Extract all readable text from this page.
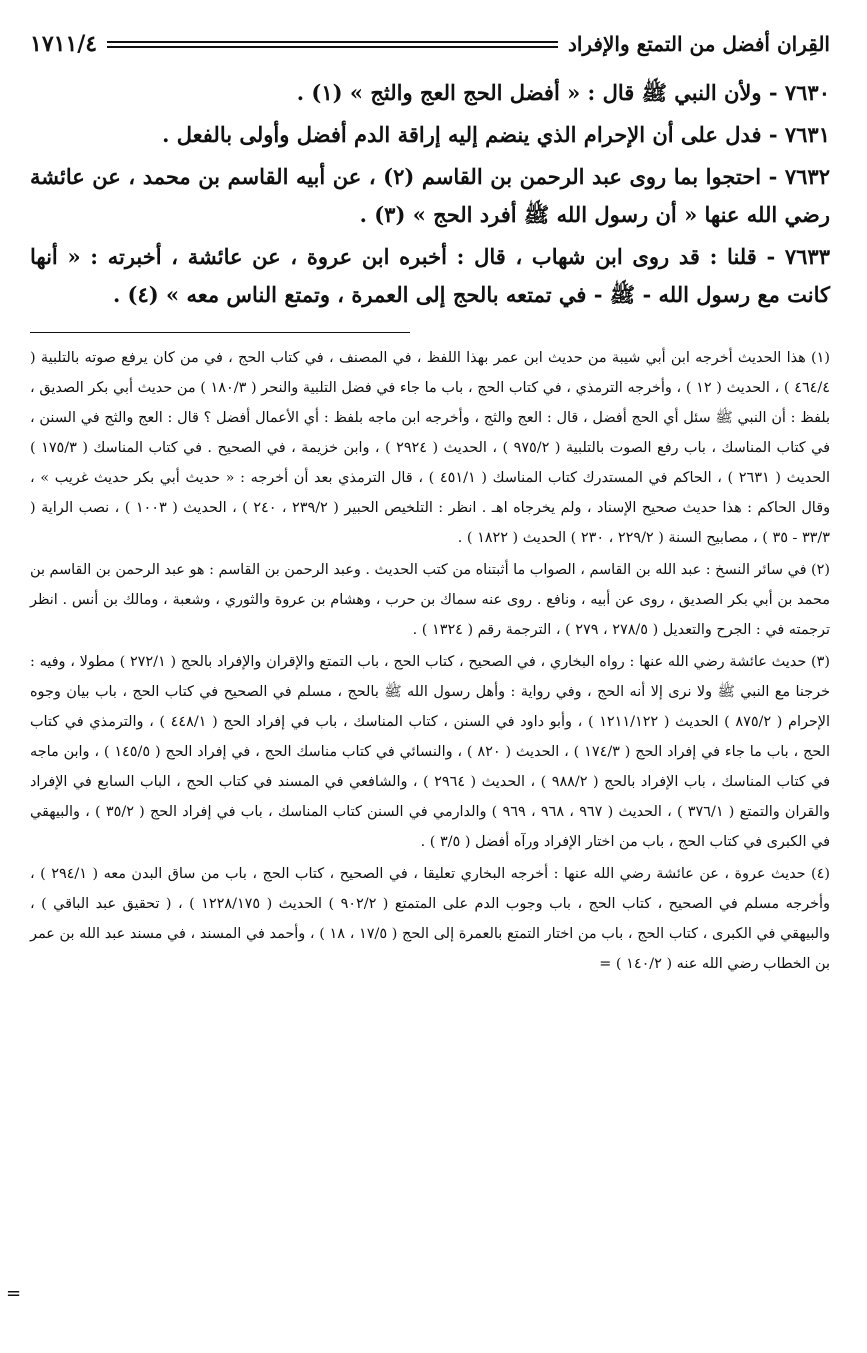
القِران أفضل من التمتع والإفراد
١٧١١/٤

٧٦٣٠ - ولأن النبي ﷺ قال : « أفضل الحج العج والثج » (١) .

٧٦٣١ - فدل على أن الإحرام الذي ينضم إليه إراقة الدم أفضل وأولى بالفعل .

٧٦٣٢ - احتجوا بما روى عبد الرحمن بن القاسم (٢) ، عن أبيه القاسم بن محمد ، عن عائشة رضي الله عنها « أن رسول الله ﷺ أفرد الحج » (٣) .

٧٦٣٣ - قلنا : قد روى ابن شهاب ، قال : أخبره ابن عروة ، عن عائشة ، أخبرته : « أنها كانت مع رسول الله - ﷺ - في تمتعه بالحج إلى العمرة ، وتمتع الناس معه » (٤) .

(١) هذا الحديث أخرجه ابن أبي شيبة من حديث ابن عمر بهذا اللفظ ، في المصنف ، في كتاب الحج ، في من كان يرفع صوته بالتلبية ( ٤٦٤/٤ ) ، الحديث ( ١٢ ) ، وأخرجه الترمذي ، في كتاب الحج ، باب ما جاء في فضل التلبية والنحر ( ١٨٠/٣ ) من حديث أبي بكر الصديق ، بلفظ : أن النبي ﷺ سئل أي الحج أفضل ، قال : العج والثج ، وأخرجه ابن ماجه بلفظ : أي الأعمال أفضل ؟ قال : العج والثج في السنن ، في كتاب المناسك ، باب رفع الصوت بالتلبية ( ٩٧٥/٢ ) ، الحديث ( ٢٩٢٤ ) ، وابن خزيمة ، في الصحيح . في كتاب المناسك ( ١٧٥/٣ ) الحديث ( ٢٦٣١ ) ، الحاكم في المستدرك كتاب المناسك ( ٤٥١/١ ) ، قال الترمذي بعد أن أخرجه : « حديث أبي بكر حديث غريب » ، وقال الحاكم : هذا حديث صحيح الإسناد ، ولم يخرجاه اهـ . انظر : التلخيص الحبير ( ٢٣٩/٢ ، ٢٤٠ ) ، الحديث ( ١٠٠٣ ) ، نصب الراية ( ٣٣/٣ - ٣٥ ) ، مصابيح السنة ( ٢٢٩/٢ ، ٢٣٠ ) الحديث ( ١٨٢٢ ) .

(٢) في سائر النسخ : عبد الله بن القاسم ، الصواب ما أثبتناه من كتب الحديث . وعبد الرحمن بن القاسم : هو عبد الرحمن بن القاسم بن محمد بن أبي بكر الصديق ، روى عن أبيه ، ونافع . روى عنه سماك بن حرب ، وهشام بن عروة والثوري ، وشعبة ، ومالك بن أنس . انظر ترجمته في : الجرح والتعديل ( ٢٧٨/٥ ، ٢٧٩ ) ، الترجمة رقم ( ١٣٢٤ ) .

(٣) حديث عائشة رضي الله عنها : رواه البخاري ، في الصحيح ، كتاب الحج ، باب التمتع والإقران والإفراد بالحج ( ٢٧٢/١ ) مطولا ، وفيه : خرجنا مع النبي ﷺ ولا نرى إلا أنه الحج ، وفي رواية : وأهل رسول الله ﷺ بالحج ، مسلم في الصحيح في كتاب الحج ، باب بيان وجوه الإحرام ( ٨٧٥/٢ ) الحديث ( ١٢١١/١٢٢ ) ، وأبو داود في السنن ، كتاب المناسك ، باب في إفراد الحج ( ٤٤٨/١ ) ، والترمذي في كتاب الحج ، باب ما جاء في إفراد الحج ( ١٧٤/٣ ) ، الحديث ( ٨٢٠ ) ، والنسائي في كتاب مناسك الحج ، في إفراد الحج ( ١٤٥/٥ ) ، وابن ماجه في كتاب المناسك ، باب الإفراد بالحج ( ٩٨٨/٢ ) ، الحديث ( ٢٩٦٤ ) ، والشافعي في المسند في كتاب الحج ، الباب السابع في الإفراد والقران والتمتع ( ٣٧٦/١ ) ، الحديث ( ٩٦٧ ، ٩٦٨ ، ٩٦٩ ) والدارمي في السنن كتاب المناسك ، باب في إفراد الحج ( ٣٥/٢ ) ، والبيهقي في الكبرى في كتاب الحج ، باب من اختار الإفراد ورآه أفضل ( ٣/٥ ) .

(٤) حديث عروة ، عن عائشة رضي الله عنها : أخرجه البخاري تعليقا ، في الصحيح ، كتاب الحج ، باب من ساق البدن معه ( ٢٩٤/١ ) ، وأخرجه مسلم في الصحيح ، كتاب الحج ، باب وجوب الدم على المتمتع ( ٩٠٢/٢ ) الحديث ( ١٢٢٨/١٧٥ ) ، ( تحقيق عبد الباقي ) ، والبيهقي في الكبرى ، كتاب الحج ، باب من اختار التمتع بالعمرة إلى الحج ( ١٧/٥ ، ١٨ ) ، وأحمد في المسند ، في مسند عبد الله بن عمر بن الخطاب رضي الله عنه ( ١٤٠/٢ ) =

=
